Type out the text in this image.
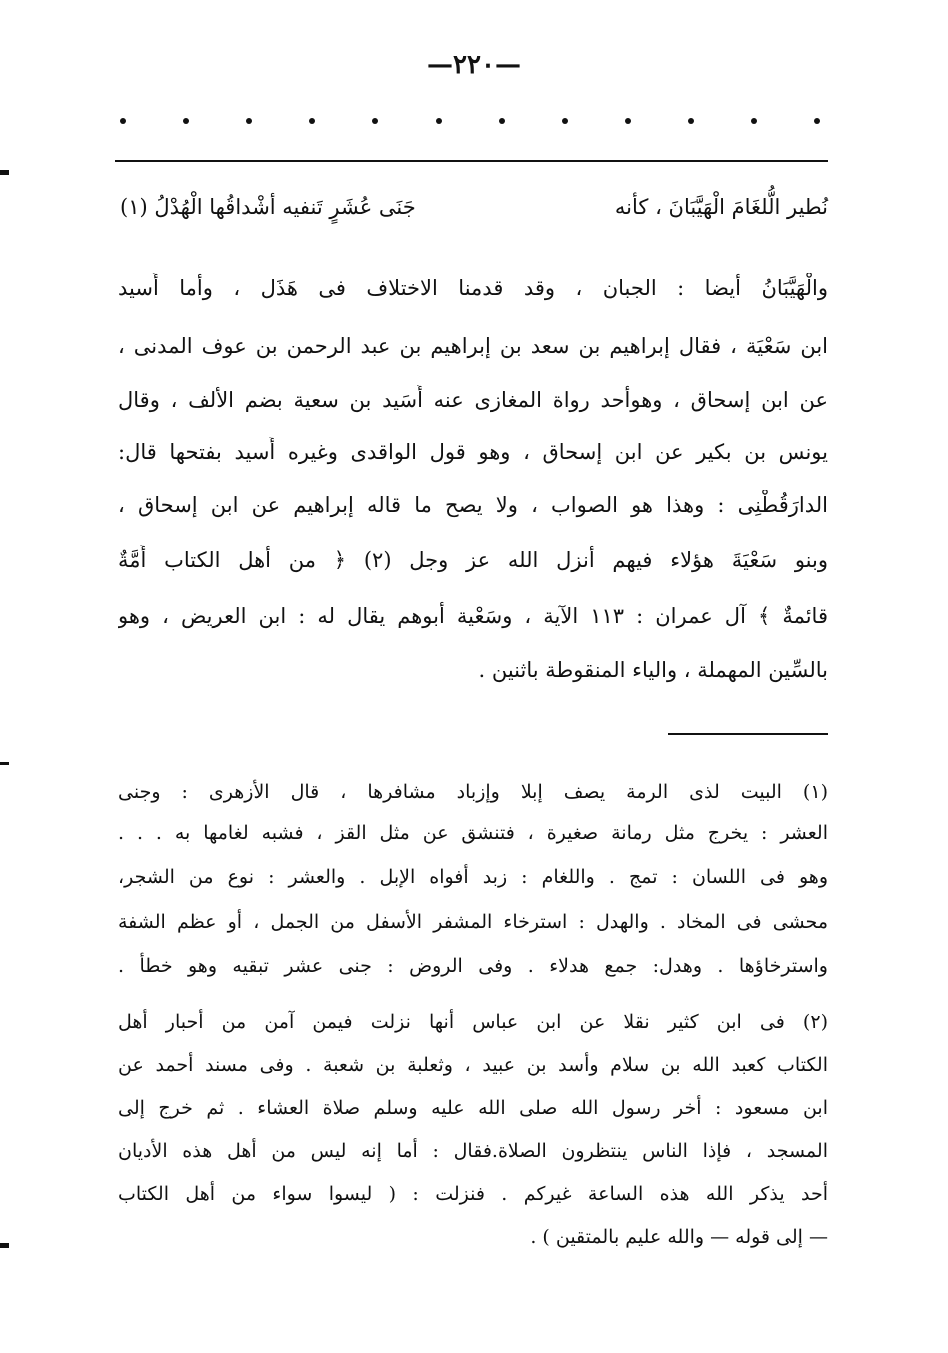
—٢٢٠—
نُطير الُّلغَامَ الْهَيَّبَانَ ، كأنه
جَنَى عُشَرٍ تَنفيه أشْداقُها الْهُدْلُ (١)

والْهَيَّبَانُ أيضا : الجبان ، وقد قدمنا الاختلاف فى هَذَل ، وأما أُسيد

ابن سَعْيَة ، فقال إبراهيم بن سعد بن إبراهيم بن عبد الرحمن بن عوف المدنى ،

عن ابن إسحاق ، وهوأحد رواة المغازى عنه أُسَيد بن سعية بضم الألف ، وقال

يونس بن بكير عن ابن إسحاق ، وهو قول الواقدى وغيره أَسيد بفتحها قال:

الدارَقُطْنِى : وهذا هو الصواب ، ولا يصح ما قاله إبراهيم عن ابن إسحاق ،

وبنو سَعْيَةَ هؤلاء فيهم أنزل الله عز وجل (٢) ﴿ من أهل الكتاب أُمَّةٌ

قائمةٌ ﴾ آل عمران : ١١٣ الآية ، وسَعْية أبوهم يقال له : ابن العريض ، وهو

بالسِّين المهملة ، والياء المنقوطة باثنين .

(١) البيت لذى الرمة يصف إبلا وإزباد مشافرها ، قال الأزهرى : وجنى

العشر : يخرج مثل رمانة صغيرة ، فتنشق عن مثل القز ، فشبه لغامها به . . .

وهو فى اللسان : تمج . واللغام : زبد أفواه الإبل . والعشر : نوع من الشجر،

محشى فى المخاد . والهدل : استرخاء المشفر الأسفل من الجمل ، أو عظم الشفة

واسترخاؤها . وهدل: جمع هدلاء . وفى الروض : جنى عشر تبقيه وهو خطأ .

(٢) فى ابن كثير نقلا عن ابن عباس أنها نزلت فيمن آمن من أحبار أهل

الكتاب كعبد الله بن سلام وأسد بن عبيد ، وثعلبة بن شعبة . وفى مسند أحمد عن

ابن مسعود : أخر رسول الله صلى الله عليه وسلم صلاة العشاء . ثم خرج إلى

المسجد ، فإذا الناس ينتظرون الصلاة.فقال : أما إنه ليس من أهل هذه الأديان

أحد يذكر الله هذه الساعة غيركم . فنزلت : ( ليسوا سواء من أهل الكتاب

— إلى قوله — والله عليم بالمتقين ) .
